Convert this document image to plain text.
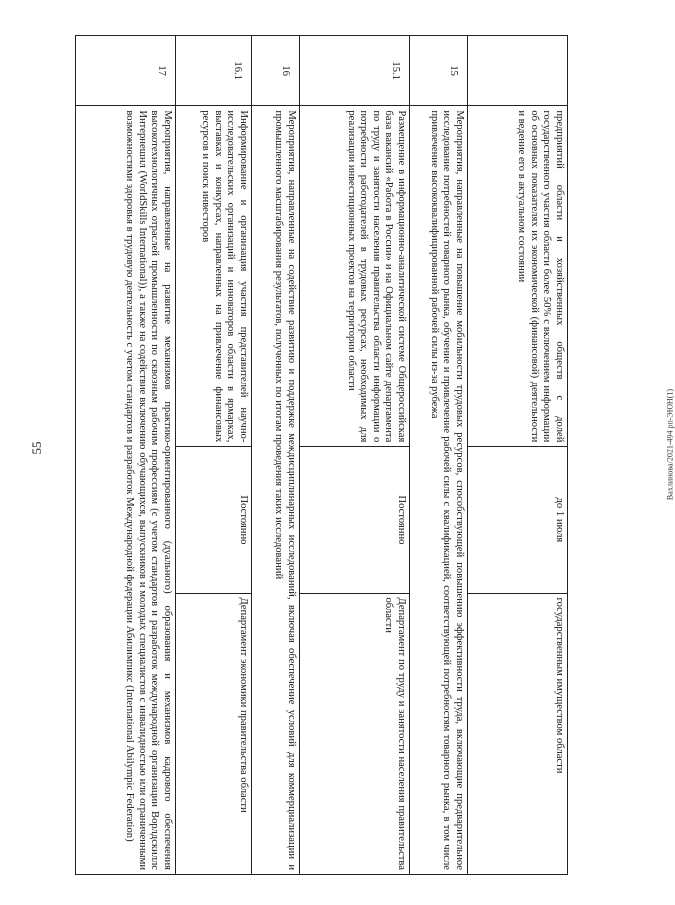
55	Вахлинова/2021-494 рп-ЭЮН(1)
	предприятий области и хозяйственных обществ с долей государственного участия области более 50% с включением информации об основных показателях их экономической (финансовой) деятельности и ведение его в актуальном состоянии	до 1 июля	государственным имуществом области
15	Мероприятия, направленные на повышение мобильности трудовых ресурсов, способствующей повышению эффективности труда, включающие предварительное исследование потребностей товарного рынка, обучение и привлечение рабочей силы с квалификацией, соответствующей потребностям товарного рынка, в том числе привлечение высококвалифицированной рабочей силы из-за рубежа		
15.1	Размещение в информационно-аналитической системе Общероссийская база вакансий «Работа в России» и на Официальном сайте департамента по труду и занятости населения правительства области информации о потребности работодателей в трудовых ресурсах, необходимых для реализации инвестиционных проектов на территории области	Постоянно	Департамент по труду и занятости населения правительства области
16	Мероприятия, направленные на содействие развитию и поддержке междисциплинарных исследований, включая обеспечение условий для коммерциализации и промышленного масштабирования результатов, полученных по итогам проведения таких исследований		
16.1	Информирование и организация участия представителей научно-исследовательских организаций и инноваторов области в ярмарках, выставках и конкурсах, направленных на привлечение финансовых ресурсов и поиск инвесторов	Постоянно	Департамент экономики правительства области
17	Мероприятия, направленные на развитие механизмов практико-ориентированного (дуального) образования и механизмов кадрового обеспечения высокотехнологичных отраслей промышленности по сквозным рабочим профессиям (с учетом стандартов и разработок международной организации Ворлдскиллс Интернешнл (WorldSkills International)), а также на содействие включению обучающихся, выпускников и молодых специалистов с инвалидностью или ограниченными возможностями здоровья в трудовую деятельность с учетом стандартов и разработок Международной федерации Абилимпикс (International Abilympic Federation)		
